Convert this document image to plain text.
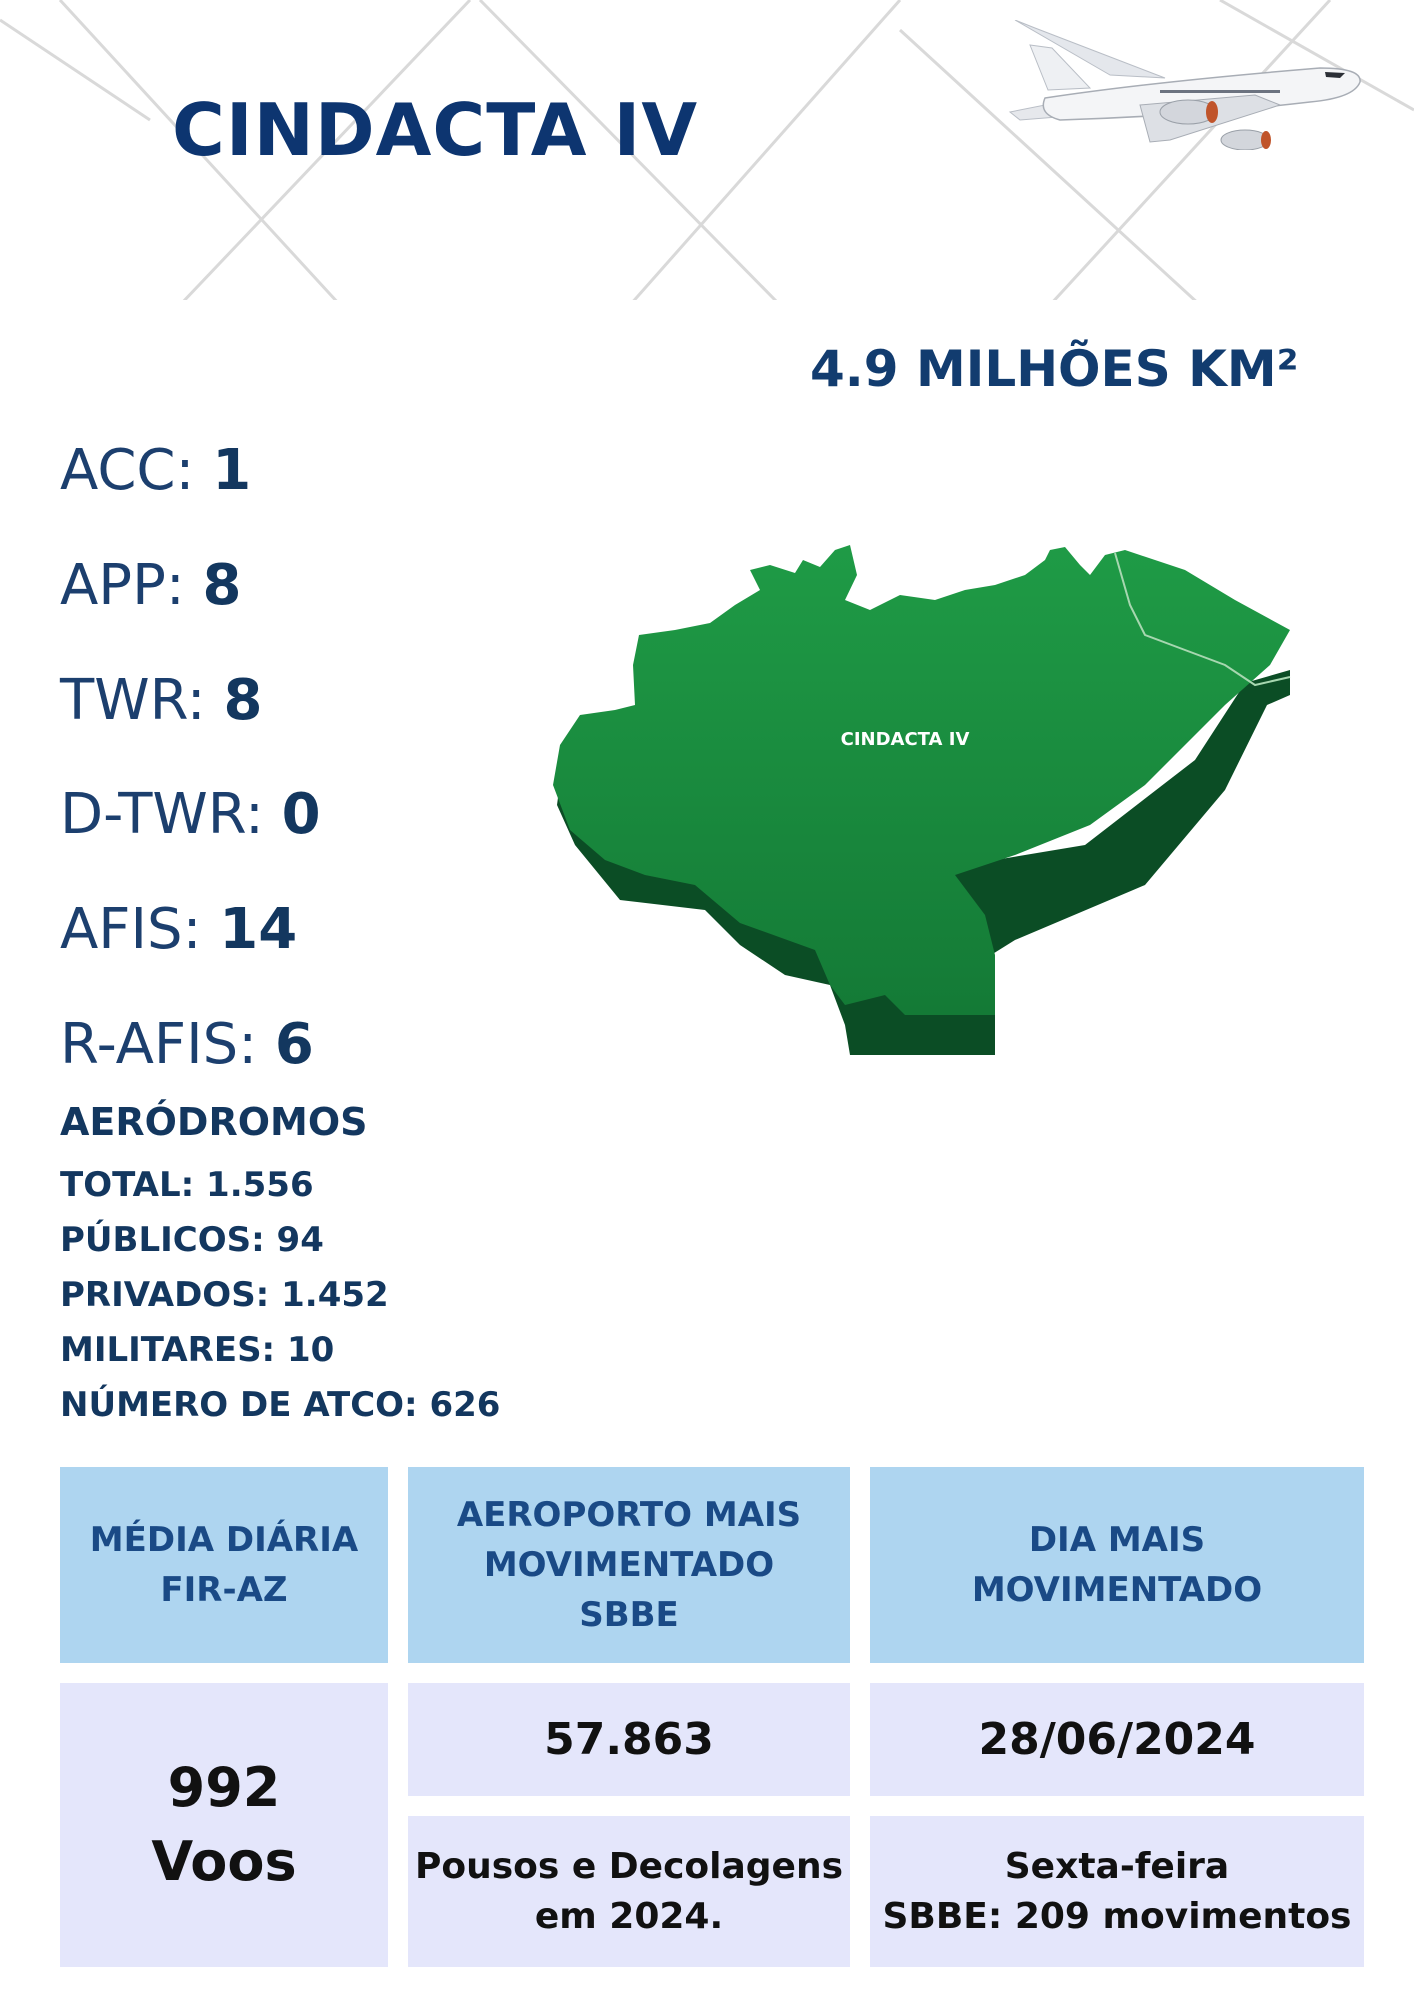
CINDACTA IV
4.9 MILHÕES KM²
ACC: 1
APP: 8
TWR: 8
D-TWR: 0
AFIS: 14
R-AFIS: 6
AERÓDROMOS
TOTAL: 1.556
PÚBLICOS: 94
PRIVADOS: 1.452
MILITARES: 10
NÚMERO DE ATCO: 626
CINDACTA IV
MÉDIA DIÁRIA
FIR-AZ
AEROPORTO MAIS
MOVIMENTADO
SBBE
DIA MAIS
MOVIMENTADO
992
Voos
57.863
Pousos e Decolagens
em 2024.
28/06/2024
Sexta-feira
SBBE: 209 movimentos
